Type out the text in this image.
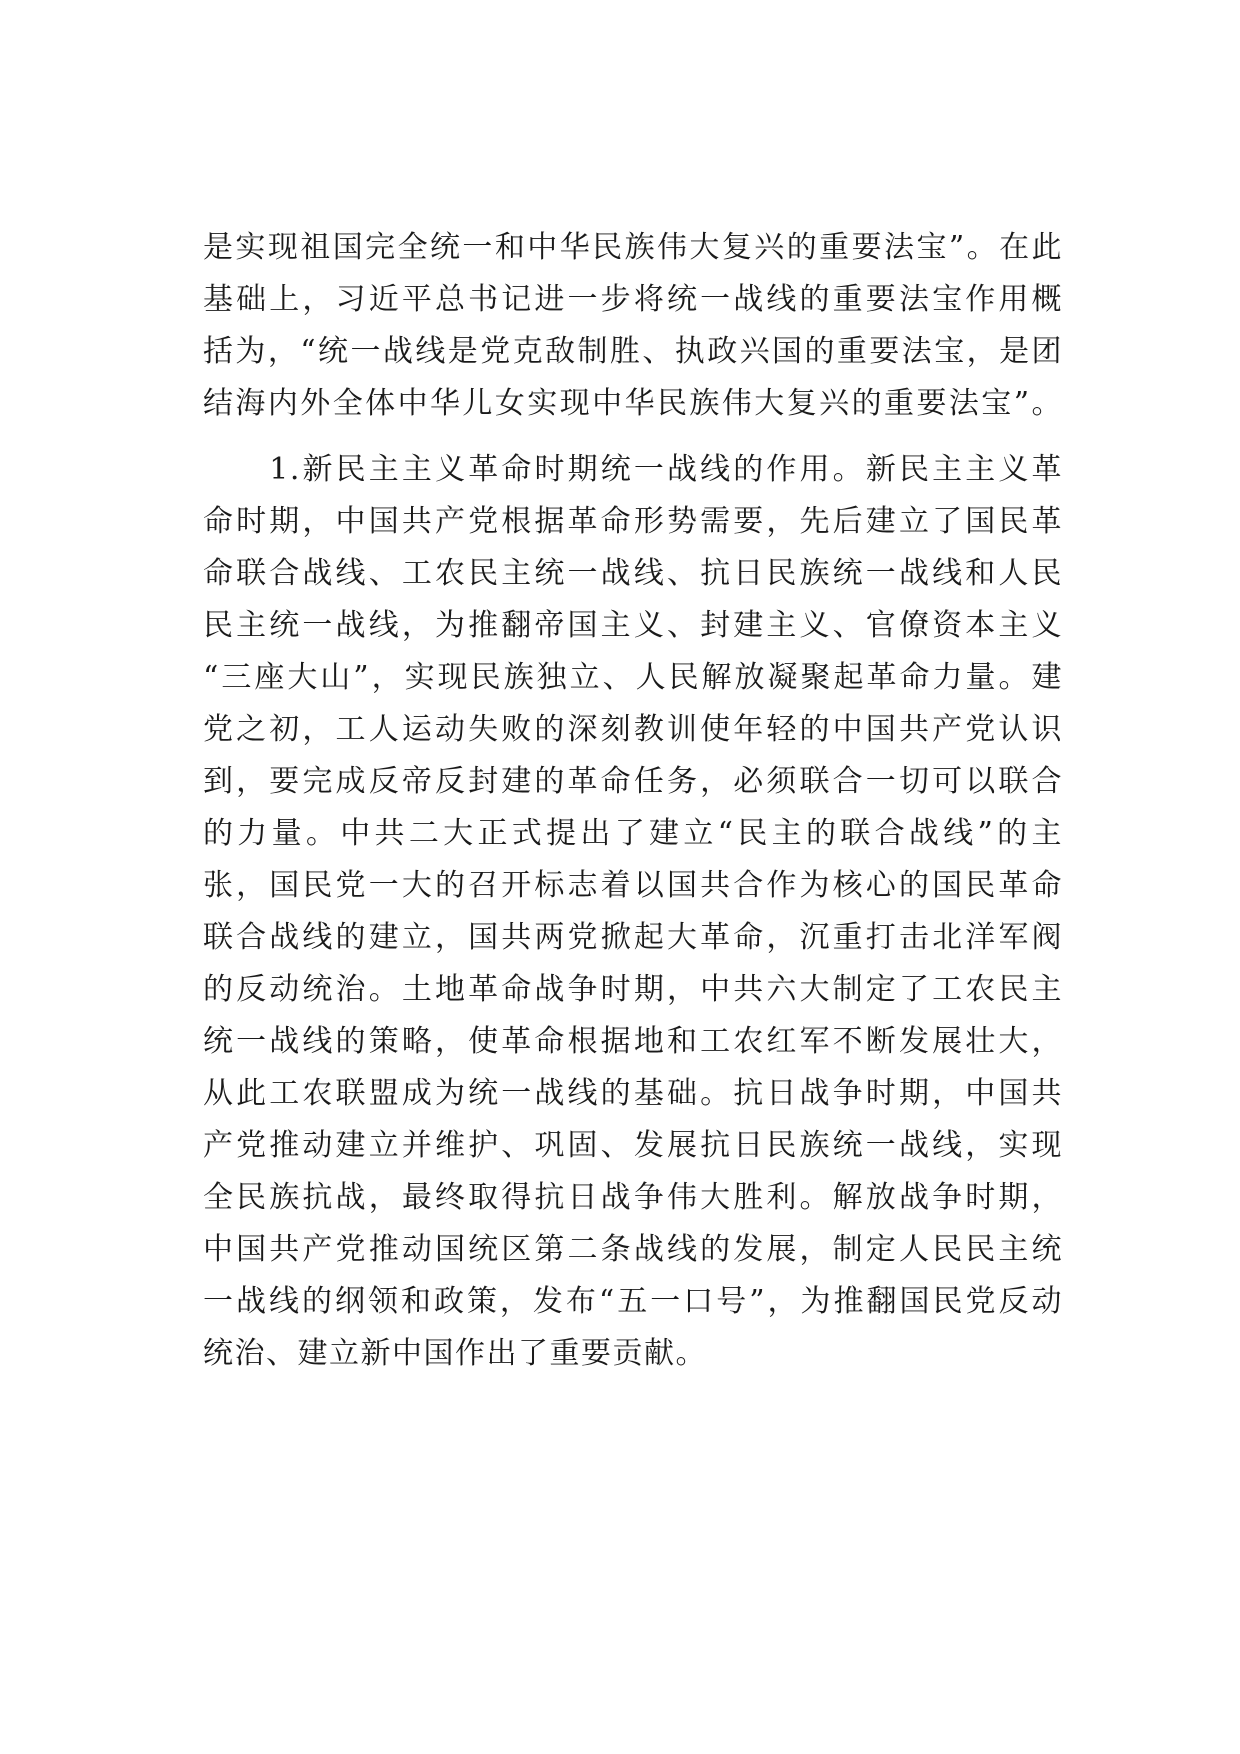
是实现祖国完全统一和中华民族伟大复兴的重要法宝”。在此
基础上，习近平总书记进一步将统一战线的重要法宝作用概
括为，“统一战线是党克敌制胜、执政兴国的重要法宝，是团
结海内外全体中华儿女实现中华民族伟大复兴的重要法宝”。
　　1.新民主主义革命时期统一战线的作用。新民主主义革
命时期，中国共产党根据革命形势需要，先后建立了国民革
命联合战线、工农民主统一战线、抗日民族统一战线和人民
民主统一战线，为推翻帝国主义、封建主义、官僚资本主义
“三座大山”，实现民族独立、人民解放凝聚起革命力量。建
党之初，工人运动失败的深刻教训使年轻的中国共产党认识
到，要完成反帝反封建的革命任务，必须联合一切可以联合
的力量。中共二大正式提出了建立“民主的联合战线”的主
张，国民党一大的召开标志着以国共合作为核心的国民革命
联合战线的建立，国共两党掀起大革命，沉重打击北洋军阀
的反动统治。土地革命战争时期，中共六大制定了工农民主
统一战线的策略，使革命根据地和工农红军不断发展壮大，
从此工农联盟成为统一战线的基础。抗日战争时期，中国共
产党推动建立并维护、巩固、发展抗日民族统一战线，实现
全民族抗战，最终取得抗日战争伟大胜利。解放战争时期，
中国共产党推动国统区第二条战线的发展，制定人民民主统
一战线的纲领和政策，发布“五一口号”，为推翻国民党反动
统治、建立新中国作出了重要贡献。
